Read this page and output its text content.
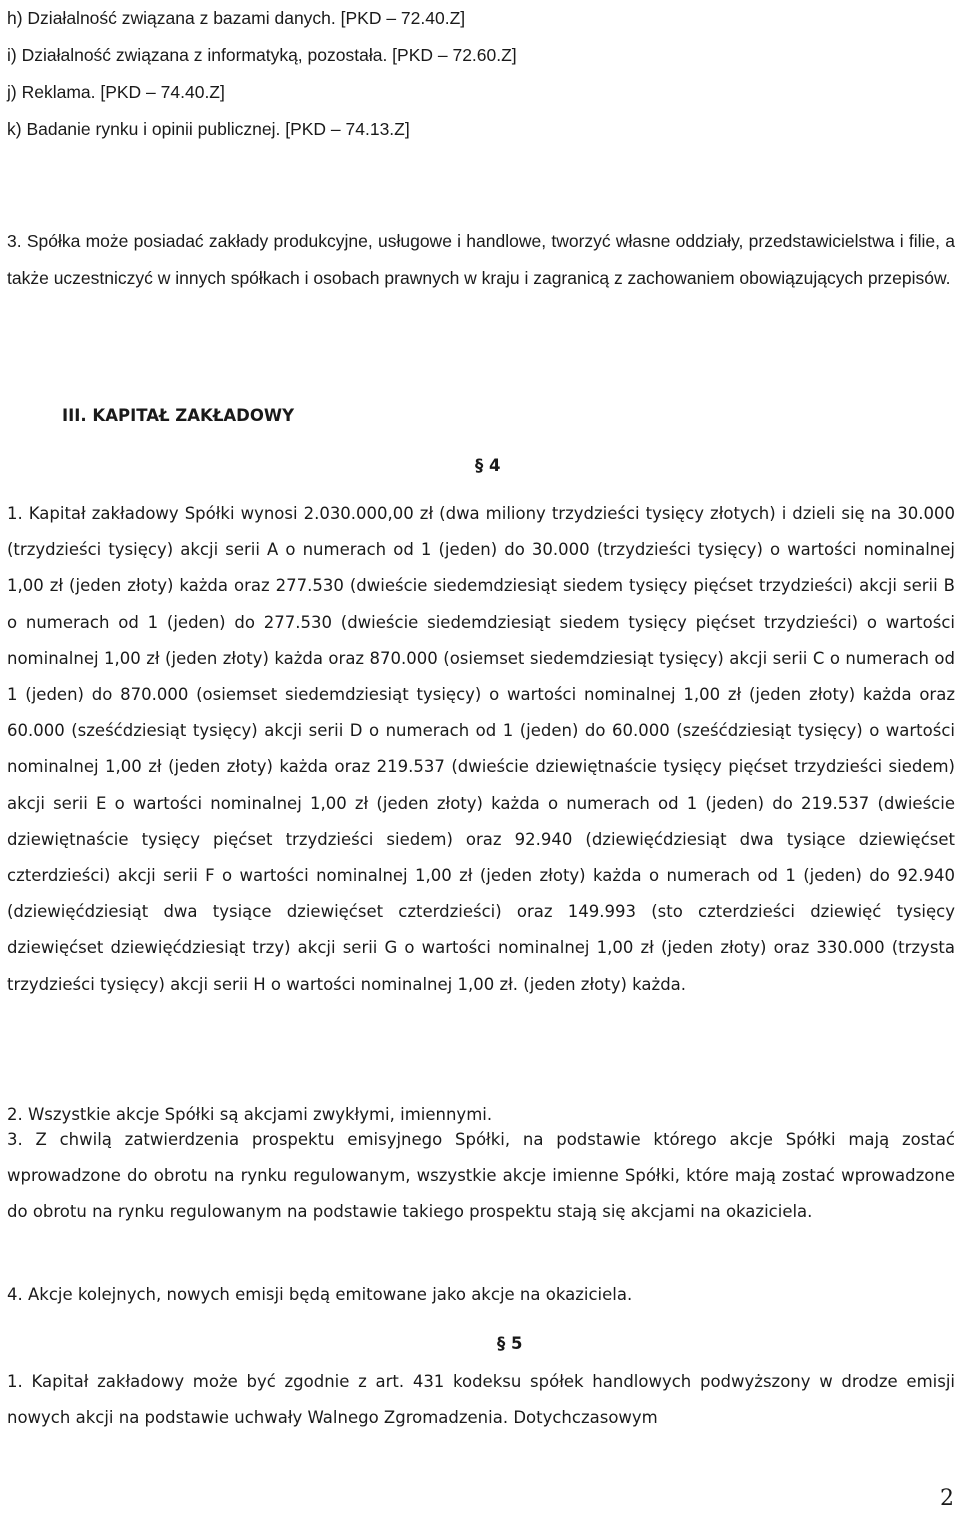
h) Działalność związana z bazami danych. [PKD – 72.40.Z]
i) Działalność związana z informatyką, pozostała. [PKD – 72.60.Z]
j) Reklama. [PKD – 74.40.Z]
k) Badanie rynku i opinii publicznej. [PKD – 74.13.Z]
3. Spółka może posiadać zakłady produkcyjne, usługowe i handlowe, tworzyć własne oddziały, przedstawicielstwa i filie, a także uczestniczyć w innych spółkach i osobach prawnych w kraju i zagranicą z zachowaniem obowiązujących przepisów.
III. KAPITAŁ ZAKŁADOWY
§ 4
1. Kapitał zakładowy Spółki wynosi 2.030.000,00 zł (dwa miliony trzydzieści tysięcy złotych) i dzieli się na 30.000 (trzydzieści tysięcy) akcji serii A o numerach od 1 (jeden) do 30.000 (trzydzieści tysięcy) o wartości nominalnej 1,00 zł (jeden złoty) każda oraz 277.530 (dwieście siedemdziesiąt siedem tysięcy pięćset trzydzieści) akcji serii B o numerach od 1 (jeden) do 277.530 (dwieście siedemdziesiąt siedem tysięcy pięćset trzydzieści) o wartości nominalnej 1,00 zł (jeden złoty) każda oraz 870.000 (osiemset siedemdziesiąt tysięcy) akcji serii C o numerach od 1 (jeden) do 870.000 (osiemset siedemdziesiąt tysięcy) o wartości nominalnej 1,00 zł (jeden złoty) każda oraz 60.000 (sześćdziesiąt tysięcy) akcji serii D o numerach od 1 (jeden) do 60.000 (sześćdziesiąt tysięcy) o wartości nominalnej 1,00 zł (jeden złoty) każda oraz 219.537 (dwieście dziewiętnaście tysięcy pięćset trzydzieści siedem) akcji serii E o wartości nominalnej 1,00 zł (jeden złoty) każda o numerach od 1 (jeden) do 219.537 (dwieście dziewiętnaście tysięcy pięćset trzydzieści siedem) oraz 92.940 (dziewięćdziesiąt dwa tysiące dziewięćset czterdzieści) akcji serii F o wartości nominalnej 1,00 zł (jeden złoty) każda o numerach od 1 (jeden) do 92.940 (dziewięćdziesiąt dwa tysiące dziewięćset czterdzieści) oraz 149.993 (sto czterdzieści dziewięć tysięcy dziewięćset dziewięćdziesiąt trzy) akcji serii G o wartości nominalnej 1,00 zł (jeden złoty) oraz 330.000 (trzysta trzydzieści tysięcy) akcji serii H o wartości nominalnej 1,00 zł. (jeden złoty) każda.
2. Wszystkie akcje Spółki są akcjami zwykłymi, imiennymi.
3. Z chwilą zatwierdzenia prospektu emisyjnego Spółki, na podstawie którego akcje Spółki mają zostać wprowadzone do obrotu na rynku regulowanym, wszystkie akcje imienne Spółki, które mają zostać wprowadzone do obrotu na rynku regulowanym na podstawie takiego prospektu stają się akcjami na okaziciela.
4. Akcje kolejnych, nowych emisji będą emitowane jako akcje na okaziciela.
§ 5
1. Kapitał zakładowy może być zgodnie z art. 431 kodeksu spółek handlowych podwyższony w drodze emisji nowych akcji na podstawie uchwały Walnego Zgromadzenia. Dotychczasowym
2
